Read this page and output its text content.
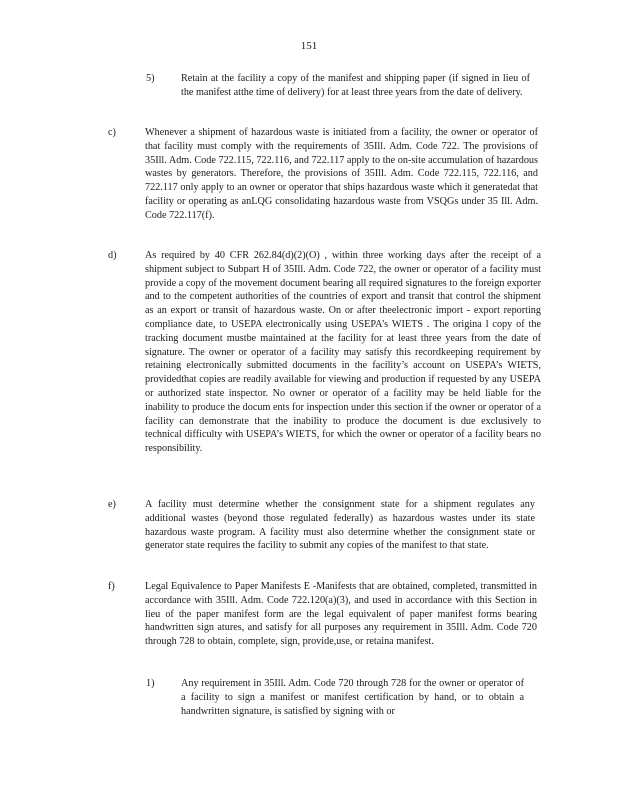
151
5)	Retain at the facility a copy of the manifest and shipping paper (if signed in lieu of the manifest atthe time of delivery) for at least three years from the date of delivery.

c)	Whenever a shipment of hazardous waste is initiated from a facility, the owner or operator of that facility must comply with the requirements of 35Ill. Adm. Code 722. The provisions of 35Ill. Adm. Code 722.115, 722.116, and 722.117 apply to the on-site accumulation of hazardous wastes by generators. Therefore, the provisions of 35Ill. Adm. Code 722.115, 722.116, and 722.117 only apply to an owner or operator that ships hazardous waste which it generatedat that facility or operating as anLQG consolidating hazardous waste from VSQGs under 35 Ill. Adm. Code 722.117(f).

d)	As required by 40 CFR 262.84(d)(2)(O) , within three working days after the receipt of a shipment subject to Subpart H of 35Ill. Adm. Code 722, the owner or operator of a facility must provide a copy of the movement document bearing all required signatures to the foreign exporter and to the competent authorities of the countries of export and transit that control the shipment as an export or transit of hazardous waste. On or after theelectronic import - export reporting compliance date, to USEPA electronically using USEPA’s WIETS . The origina l copy of the tracking document mustbe maintained at the facility for at least three years from the date of signature. The owner or operator of a facility may satisfy this recordkeeping requirement by retaining electronically submitted documents in the facility’s account on USEPA’s WIETS, providedthat copies are readily available for viewing and production if requested by any USEPA or authorized state inspector. No owner or operator of a facility may be held liable for the inability to produce the docum ents for inspection under this section if the owner or operator of a facility can demonstrate that the inability to produce the document is due exclusively to technical difficulty with USEPA’s WIETS, for which the owner or operator of a facility bears no responsibility.

e)	A facility must determine whether the consignment state for a shipment regulates any additional wastes (beyond those regulated federally) as hazardous wastes under its state hazardous waste program. A facility must also determine whether the consignment state or generator state requires the facility to submit any copies of the manifest to that state.

f)	Legal Equivalence to Paper Manifests E -Manifests that are obtained, completed, transmitted in accordance with 35Ill. Adm. Code 722.120(a)(3), and used in accordance with this Section in lieu of the paper manifest form are the legal equivalent of paper manifest forms bearing handwritten sign atures, and satisfy for all purposes any requirement in 35Ill. Adm. Code 720 through 728 to obtain, complete, sign, provide,use, or retaina manifest.

1)	Any requirement in 35Ill. Adm. Code 720 through 728 for the owner or operator of a facility to sign a manifest or manifest certification by hand, or to obtain a handwritten signature, is satisfied by signing with or
